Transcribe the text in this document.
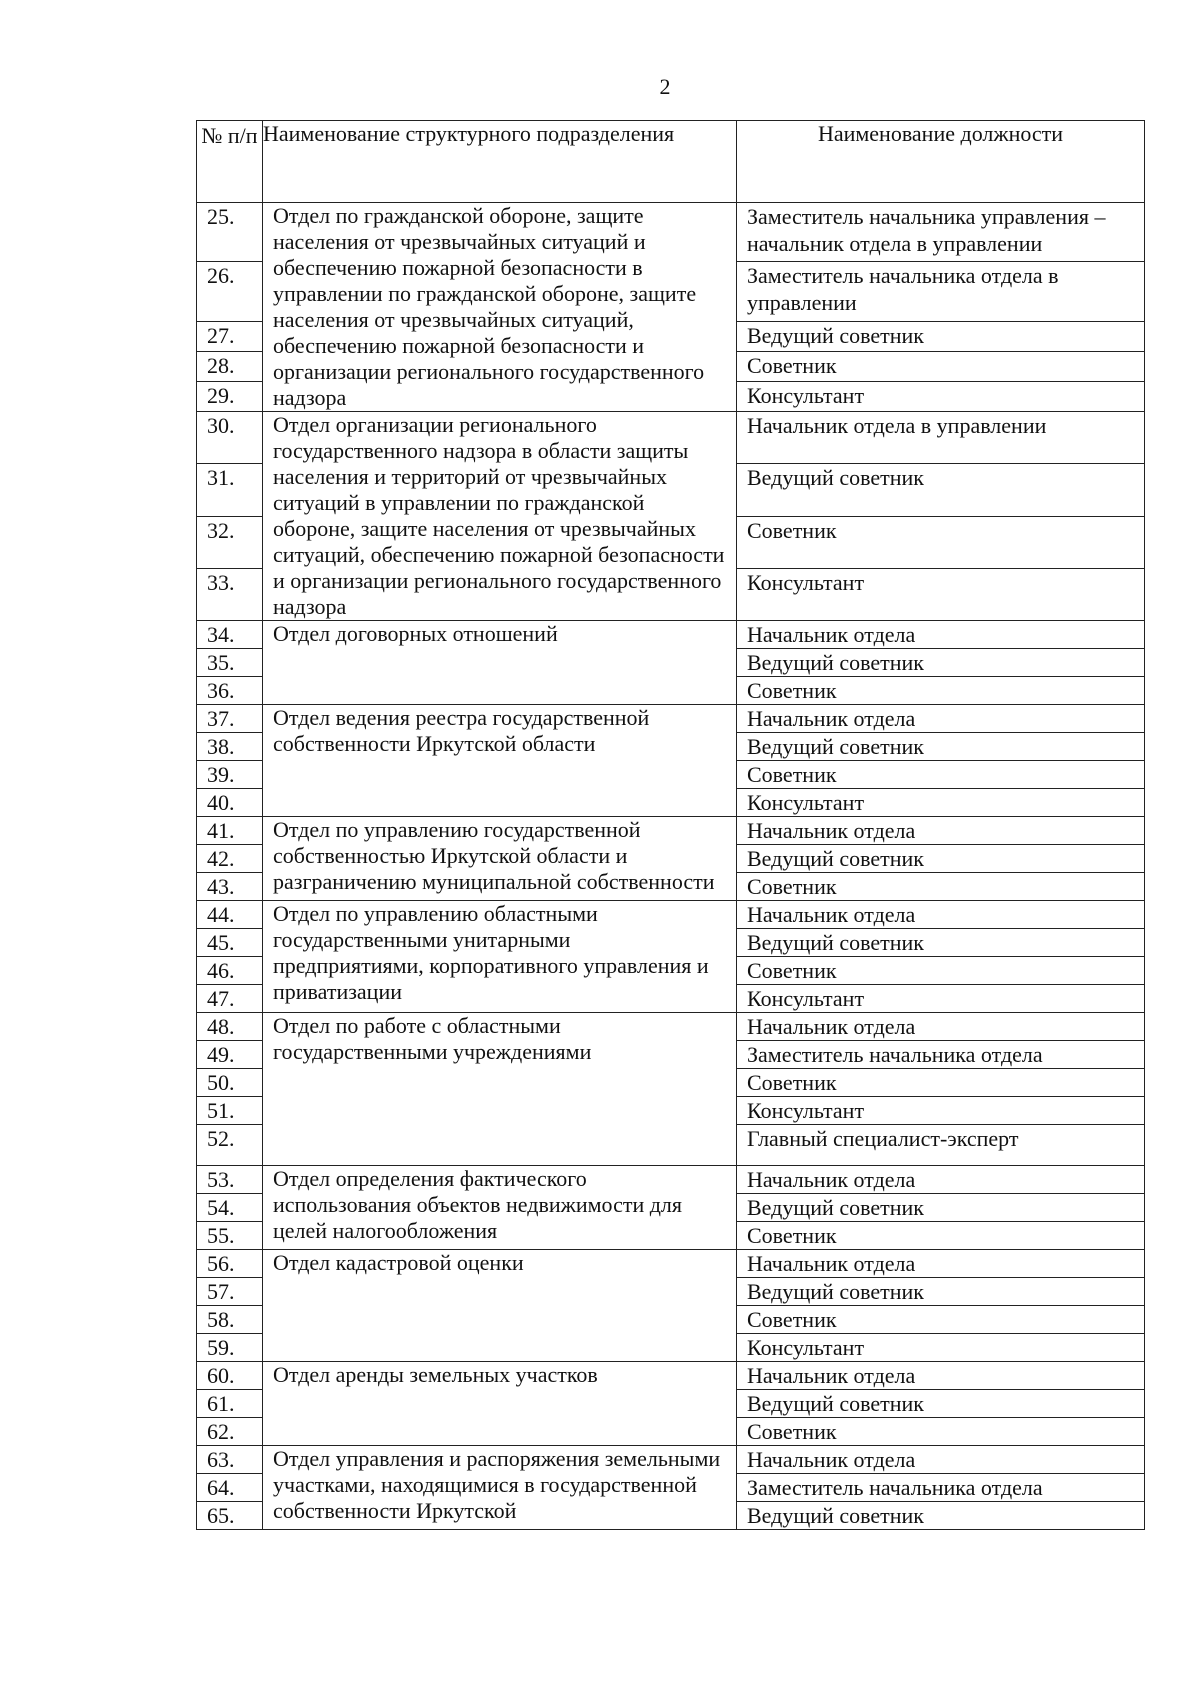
2
№ п/п	Наименование структурного подразделения	Наименование должности
25.	Отдел по гражданской обороне, защите населения от чрезвычайных ситуаций и обеспечению пожарной безопасности в управлении по гражданской обороне, защите населения от чрезвычайных ситуаций, обеспечению пожарной безопасности и организации регионального государственного надзора	Заместитель начальника управления – начальник отдела в управлении
26.		Заместитель начальника отдела в управлении
27.		Ведущий советник
28.		Советник
29.		Консультант
30.	Отдел организации регионального государственного надзора в области защиты населения и территорий от чрезвычайных ситуаций в управлении по гражданской обороне, защите населения от чрезвычайных ситуаций, обеспечению пожарной безопасности и организации регионального государственного надзора	Начальник отдела в управлении
31.		Ведущий советник
32.		Советник
33.		Консультант
34.	Отдел договорных отношений	Начальник отдела
35.		Ведущий советник
36.		Советник
37.	Отдел ведения реестра государственной собственности Иркутской области	Начальник отдела
38.		Ведущий советник
39.		Советник
40.		Консультант
41.	Отдел по управлению государственной собственностью Иркутской области и разграничению муниципальной собственности	Начальник отдела
42.		Ведущий советник
43.		Советник
44.	Отдел по управлению областными государственными унитарными предприятиями, корпоративного управления и приватизации	Начальник отдела
45.		Ведущий советник
46.		Советник
47.		Консультант
48.	Отдел по работе с областными государственными учреждениями	Начальник отдела
49.		Заместитель начальника отдела
50.		Советник
51.		Консультант
52.		Главный специалист-эксперт
53.	Отдел определения фактического использования объектов недвижимости для целей налогообложения	Начальник отдела
54.		Ведущий советник
55.		Советник
56.	Отдел кадастровой оценки	Начальник отдела
57.		Ведущий советник
58.		Советник
59.		Консультант
60.	Отдел аренды земельных участков	Начальник отдела
61.		Ведущий советник
62.		Советник
63.	Отдел управления и распоряжения земельными участками, находящимися в государственной собственности Иркутской	Начальник отдела
64.		Заместитель начальника отдела
65.		Ведущий советник
